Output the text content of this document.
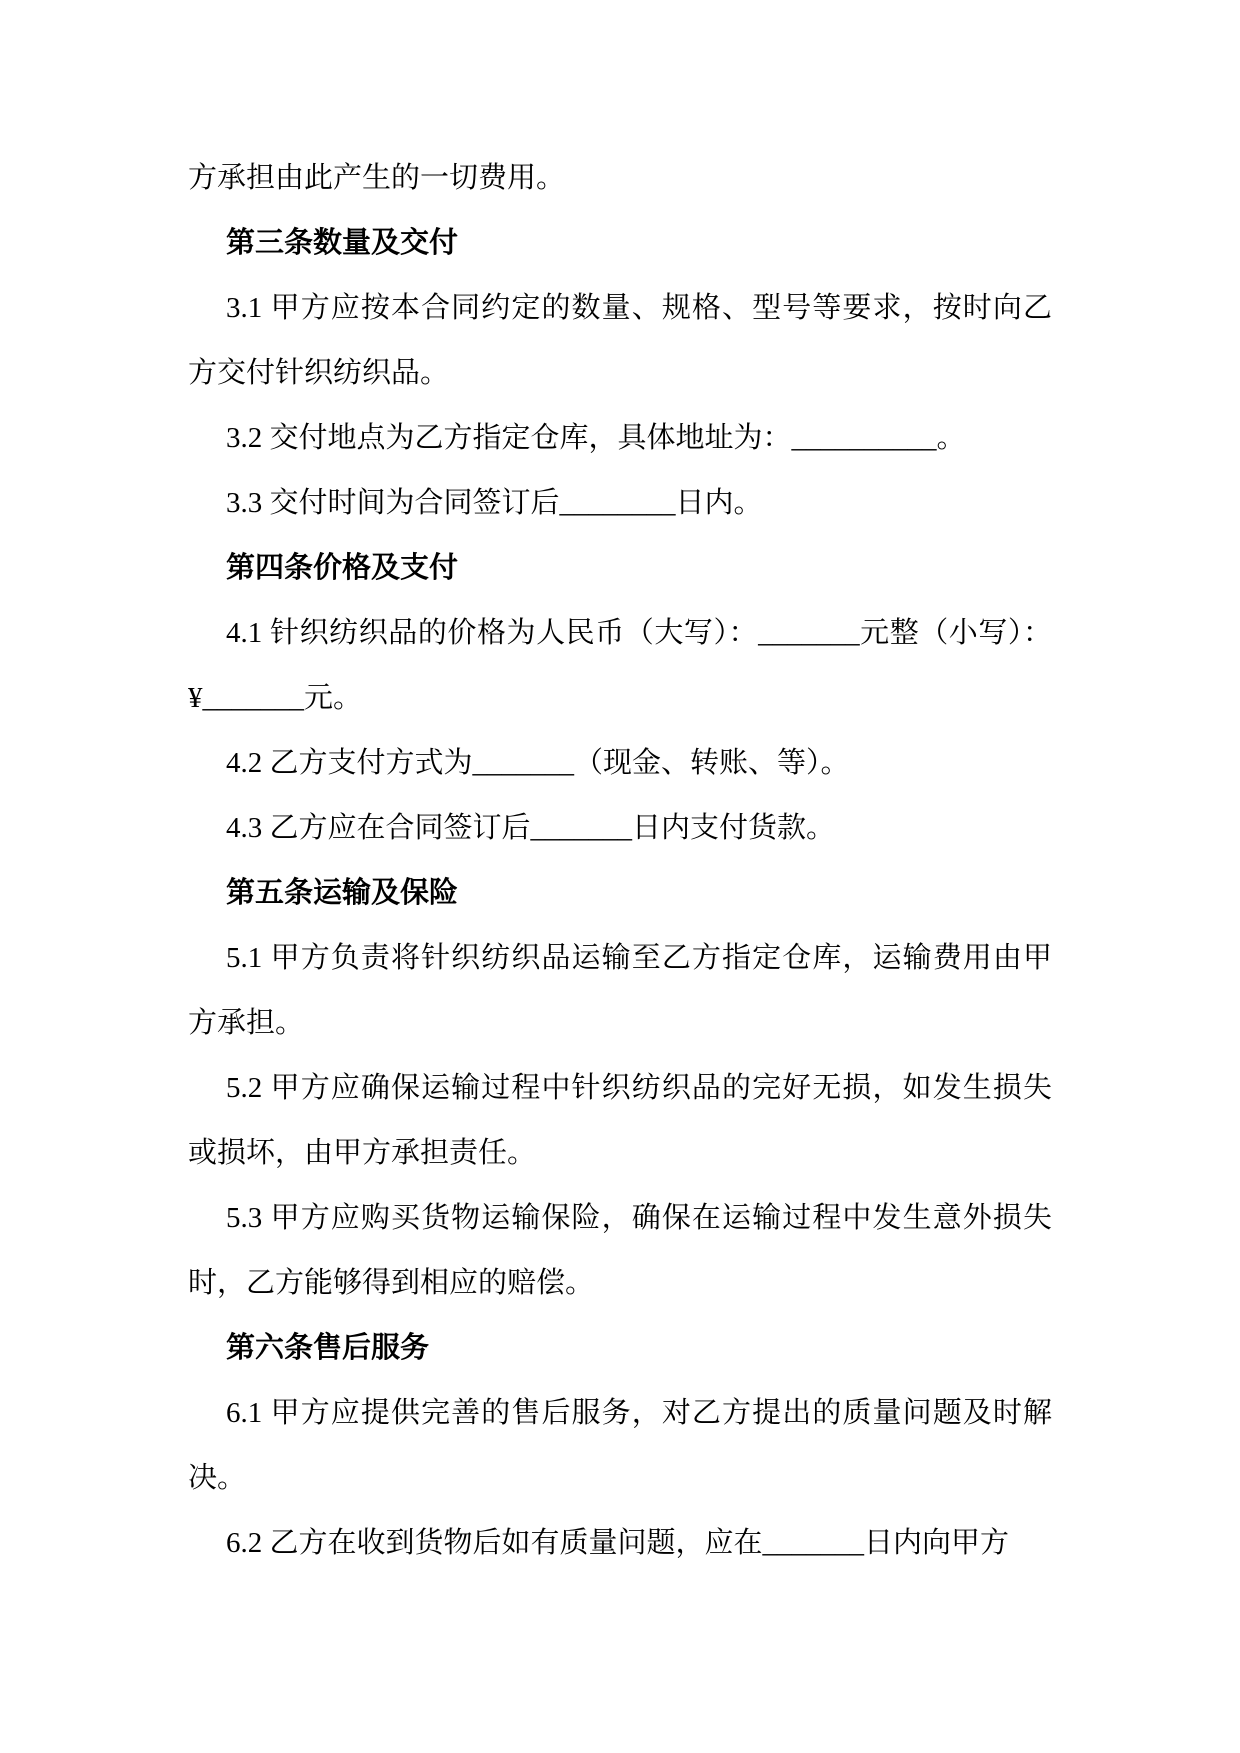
方承担由此产生的一切费用。

第三条数量及交付

3.1 甲方应按本合同约定的数量、规格、型号等要求，按时向乙方交付针织纺织品。

3.2 交付地点为乙方指定仓库，具体地址为：__________。

3.3 交付时间为合同签订后________日内。

第四条价格及支付

4.1 针织纺织品的价格为人民币（大写）：_______元整（小写）：¥_______元。

4.2 乙方支付方式为_______（现金、转账、等）。

4.3 乙方应在合同签订后_______日内支付货款。

第五条运输及保险

5.1 甲方负责将针织纺织品运输至乙方指定仓库，运输费用由甲方承担。

5.2 甲方应确保运输过程中针织纺织品的完好无损，如发生损失或损坏，由甲方承担责任。

5.3 甲方应购买货物运输保险，确保在运输过程中发生意外损失时，乙方能够得到相应的赔偿。

第六条售后服务

6.1 甲方应提供完善的售后服务，对乙方提出的质量问题及时解决。

6.2 乙方在收到货物后如有质量问题，应在_______日内向甲方
